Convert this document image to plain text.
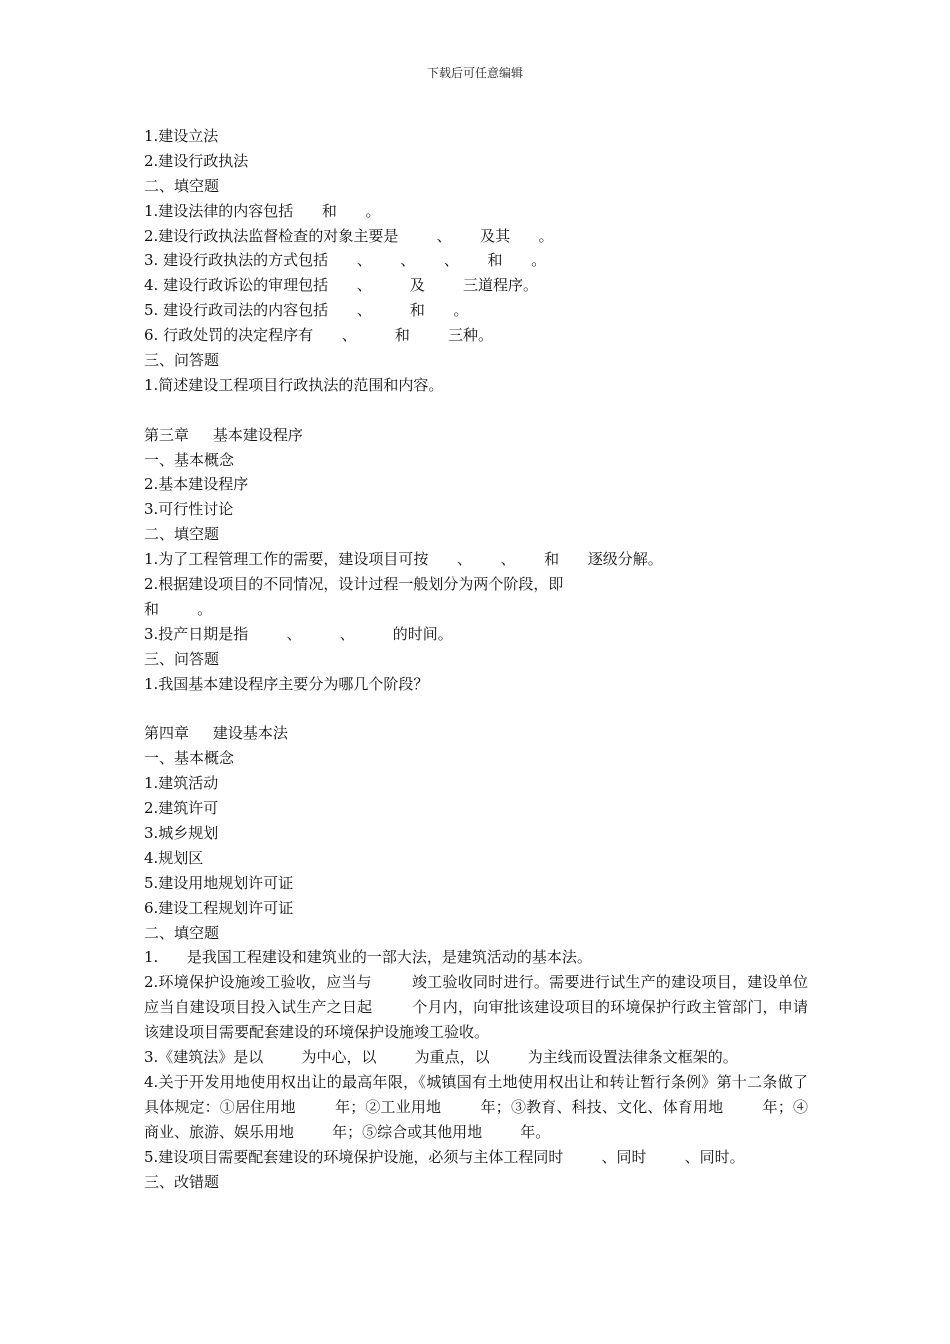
下载后可任意编辑
1.建设立法
2.建设行政执法
二、填空题
1.建设法律的内容包括      和      。
2.建设行政执法监督检查的对象主要是        、      及其      。
3. 建设行政执法的方式包括      、      、      、      和      。
4. 建设行政诉讼的审理包括      、        及        三道程序。
5. 建设行政司法的内容包括      、        和      。
6. 行政处罚的决定程序有      、        和        三种。
三、问答题
1.简述建设工程项目行政执法的范围和内容。
第三章     基本建设程序
一、基本概念
2.基本建设程序
3.可行性讨论
二、填空题
1.为了工程管理工作的需要，建设项目可按      、      、      和      逐级分解。
2.根据建设项目的不同情况，设计过程一般划分为两个阶段，即
和        。
3.投产日期是指        、        、        的时间。
三、问答题
1.我国基本建设程序主要分为哪几个阶段？
第四章     建设基本法
一、基本概念
1.建筑活动
2.建筑许可
3.城乡规划
4.规划区
5.建设用地规划许可证
6.建设工程规划许可证
二、填空题
1.      是我国工程建设和建筑业的一部大法，是建筑活动的基本法。
2.环境保护设施竣工验收，应当与        竣工验收同时进行。需要进行试生产的建设项目，建设单位应当自建设项目投入试生产之日起        个月内，向审批该建设项目的环境保护行政主管部门，申请该建设项目需要配套建设的环境保护设施竣工验收。
3.《建筑法》是以        为中心，以        为重点，以        为主线而设置法律条文框架的。
4.关于开发用地使用权出让的最高年限，《城镇国有土地使用权出让和转让暂行条例》第十二条做了具体规定：①居住用地        年；②工业用地        年；③教育、科技、文化、体育用地        年；④商业、旅游、娱乐用地        年；⑤综合或其他用地        年。
5.建设项目需要配套建设的环境保护设施，必须与主体工程同时        、同时        、同时。
三、改错题
